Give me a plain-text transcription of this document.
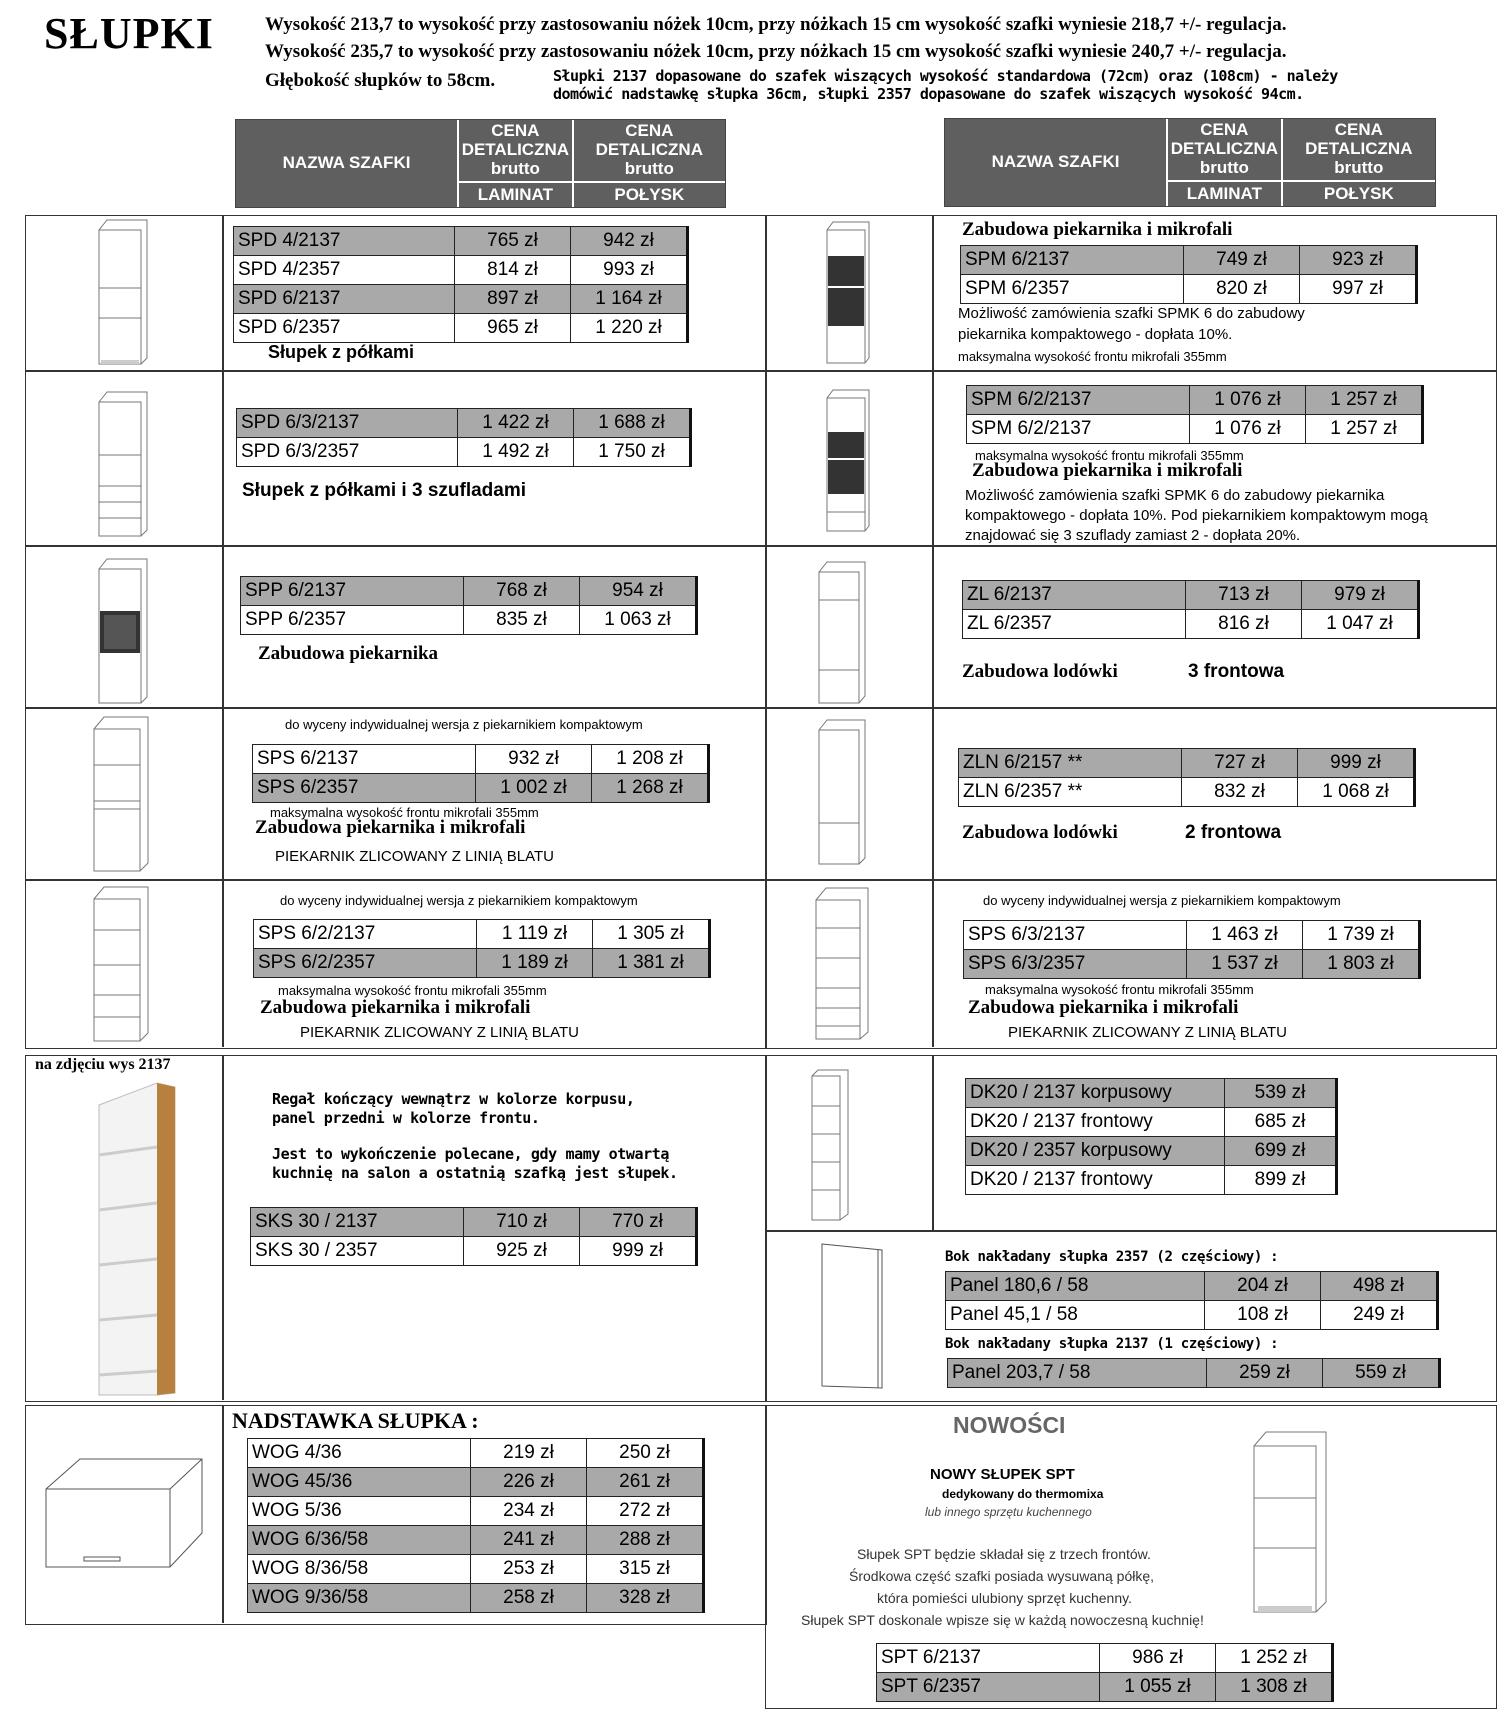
SŁUPKI	Wysokość 213,7 to wysokość przy zastosowaniu nóżek 10cm, przy nóżkach 15 cm wysokość szafki wyniesie 218,7 +/- regulacja.
Wysokość 235,7 to wysokość przy zastosowaniu nóżek 10cm, przy nóżkach 15 cm wysokość szafki wyniesie 240,7 +/- regulacja.
Głębokość słupków to 58cm.	Słupki 2137 dopasowane do szafek wiszących wysokość standardowa (72cm) oraz (108cm) - należy
domówić nadstawkę słupka 36cm, słupki 2357 dopasowane do szafek wiszących wysokość 94cm.
NAZWA SZAFKI
CENA
DETALICZNA
brutto
LAMINAT
CENA
DETALICZNA
brutto
POŁYSK
NAZWA SZAFKI
CENA
DETALICZNA
brutto
LAMINAT
CENA
DETALICZNA
brutto
POŁYSK
na zdjęciu wys 2137
SPD 4/2137	765 zł	942 zł
SPD 4/2357	814 zł	993 zł
SPD 6/2137	897 zł	1 164 zł
SPD 6/2357	965 zł	1 220 zł
Słupek z półkami
SPD 6/3/2137	1 422 zł	1 688 zł
SPD 6/3/2357	1 492 zł	1 750 zł
Słupek z półkami i 3 szufladami
SPP 6/2137	768 zł	954 zł
SPP 6/2357	835 zł	1 063 zł
Zabudowa piekarnika
do wyceny indywidualnej wersja z piekarnikiem kompaktowym
SPS 6/2137	932 zł	1 208 zł
SPS 6/2357	1 002 zł	1 268 zł
maksymalna wysokość frontu mikrofali 355mm
Zabudowa piekarnika i mikrofali
PIEKARNIK ZLICOWANY Z LINIĄ BLATU
do wyceny indywidualnej wersja z piekarnikiem kompaktowym
SPS 6/2/2137	1 119 zł	1 305 zł
SPS 6/2/2357	1 189 zł	1 381 zł
maksymalna wysokość frontu mikrofali 355mm
Zabudowa piekarnika i mikrofali
PIEKARNIK ZLICOWANY Z LINIĄ BLATU
Regał kończący wewnątrz w kolorze korpusu,
panel przedni w kolorze frontu.
Jest to wykończenie polecane, gdy mamy otwartą
kuchnię na salon a ostatnią szafką jest słupek.
SKS 30 / 2137	710 zł	770 zł
SKS 30 / 2357	925 zł	999 zł
NADSTAWKA SŁUPKA :
WOG 4/36	219 zł	250 zł
WOG 45/36	226 zł	261 zł
WOG 5/36	234 zł	272 zł
WOG 6/36/58	241 zł	288 zł
WOG 8/36/58	253 zł	315 zł
WOG 9/36/58	258 zł	328 zł
Zabudowa piekarnika i mikrofali
SPM 6/2137	749 zł	923 zł
SPM 6/2357	820 zł	997 zł
Możliwość zamówienia szafki SPMK 6 do zabudowy
piekarnika kompaktowego - dopłata 10%.
maksymalna wysokość frontu mikrofali 355mm
SPM 6/2/2137	1 076 zł	1 257 zł
SPM 6/2/2137	1 076 zł	1 257 zł
maksymalna wysokość frontu mikrofali 355mm
Zabudowa piekarnika i mikrofali
Możliwość zamówienia szafki SPMK 6 do zabudowy piekarnika
kompaktowego - dopłata 10%. Pod piekarnikiem kompaktowym mogą
znajdować się 3 szuflady zamiast 2 - dopłata 20%.
ZL 6/2137	713 zł	979 zł
ZL 6/2357	816 zł	1 047 zł
Zabudowa lodówki	3 frontowa
ZLN 6/2157 **	727 zł	999 zł
ZLN 6/2357 **	832 zł	1 068 zł
Zabudowa lodówki	2 frontowa
do wyceny indywidualnej wersja z piekarnikiem kompaktowym
SPS 6/3/2137	1 463 zł	1 739 zł
SPS 6/3/2357	1 537 zł	1 803 zł
maksymalna wysokość frontu mikrofali 355mm
Zabudowa piekarnika i mikrofali
PIEKARNIK ZLICOWANY Z LINIĄ BLATU
DK20 / 2137 korpusowy	539 zł
DK20 / 2137 frontowy	685 zł
DK20 / 2357 korpusowy	699 zł
DK20 / 2137 frontowy	899 zł
Bok nakładany słupka 2357 (2 częściowy) :
Panel 180,6 / 58	204 zł	498 zł
Panel 45,1 / 58	108 zł	249 zł
Bok nakładany słupka 2137 (1 częściowy) :
Panel 203,7 / 58	259 zł	559 zł
NOWOŚCI
NOWY SŁUPEK SPT
dedykowany do thermomixa
lub innego sprzętu kuchennego
Słupek SPT będzie składał się z trzech frontów.
Środkowa część szafki posiada wysuwaną półkę,
która pomieści ulubiony sprzęt kuchenny.
Słupek SPT doskonale wpisze się w każdą nowoczesną kuchnię!
SPT 6/2137	986 zł	1 252 zł
SPT 6/2357	1 055 zł	1 308 zł
